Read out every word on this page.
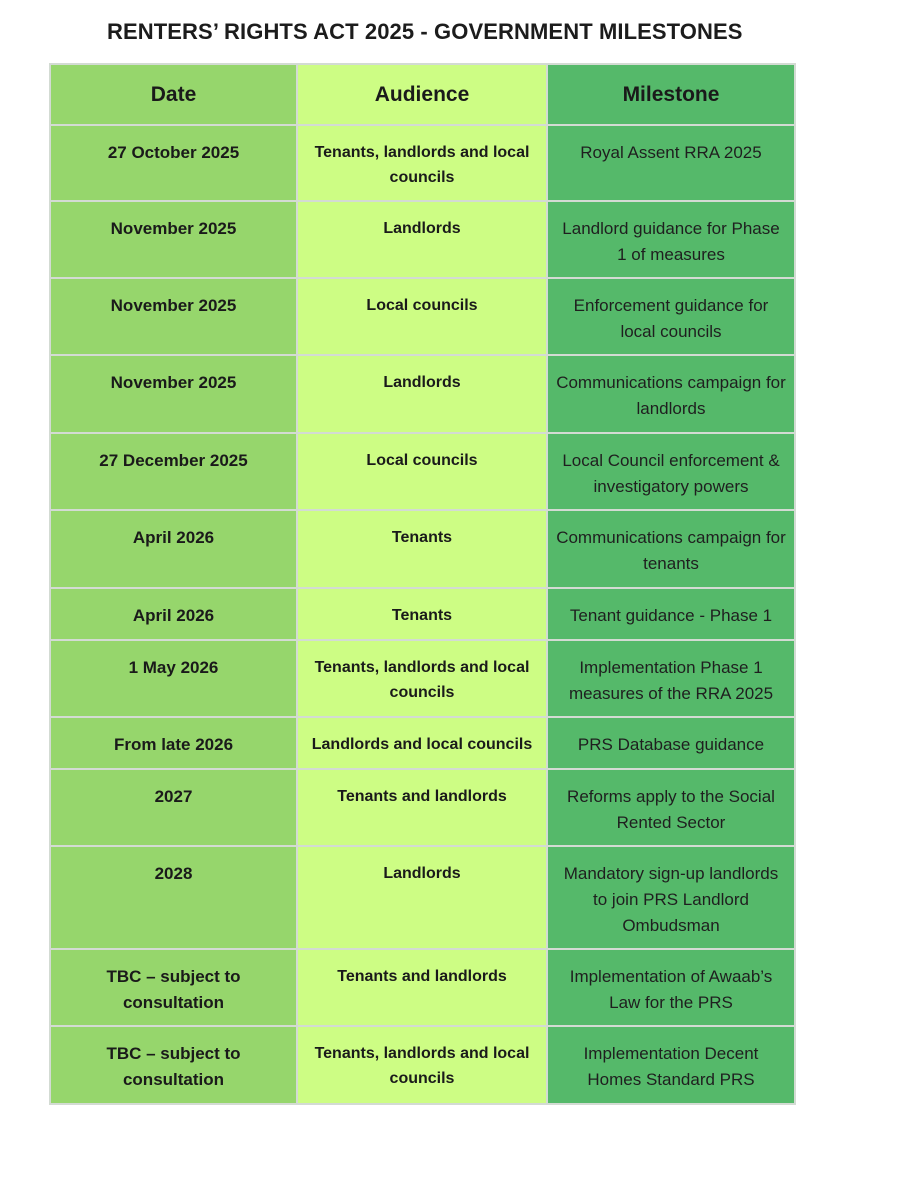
RENTERS’ RIGHTS ACT 2025 - GOVERNMENT MILESTONES
Date	Audience	Milestone
27 October 2025	Tenants, landlords and local councils	Royal Assent RRA 2025
November 2025	Landlords	Landlord guidance for Phase 1 of measures
November 2025	Local councils	Enforcement guidance for local councils
November 2025	Landlords	Communications campaign for landlords
27 December 2025	Local councils	Local Council enforcement & investigatory powers
April 2026	Tenants	Communications campaign for tenants
April 2026	Tenants	Tenant guidance - Phase 1
1 May 2026	Tenants, landlords and local councils	Implementation Phase 1 measures of the RRA 2025
From late 2026	Landlords and local councils	PRS Database guidance
2027	Tenants and landlords	Reforms apply to the Social Rented Sector
2028	Landlords	Mandatory sign-up landlords to join PRS Landlord Ombudsman
TBC – subject to consultation	Tenants and landlords	Implementation of Awaab’s Law for the PRS
TBC – subject to consultation	Tenants, landlords and local councils	Implementation Decent Homes Standard PRS
